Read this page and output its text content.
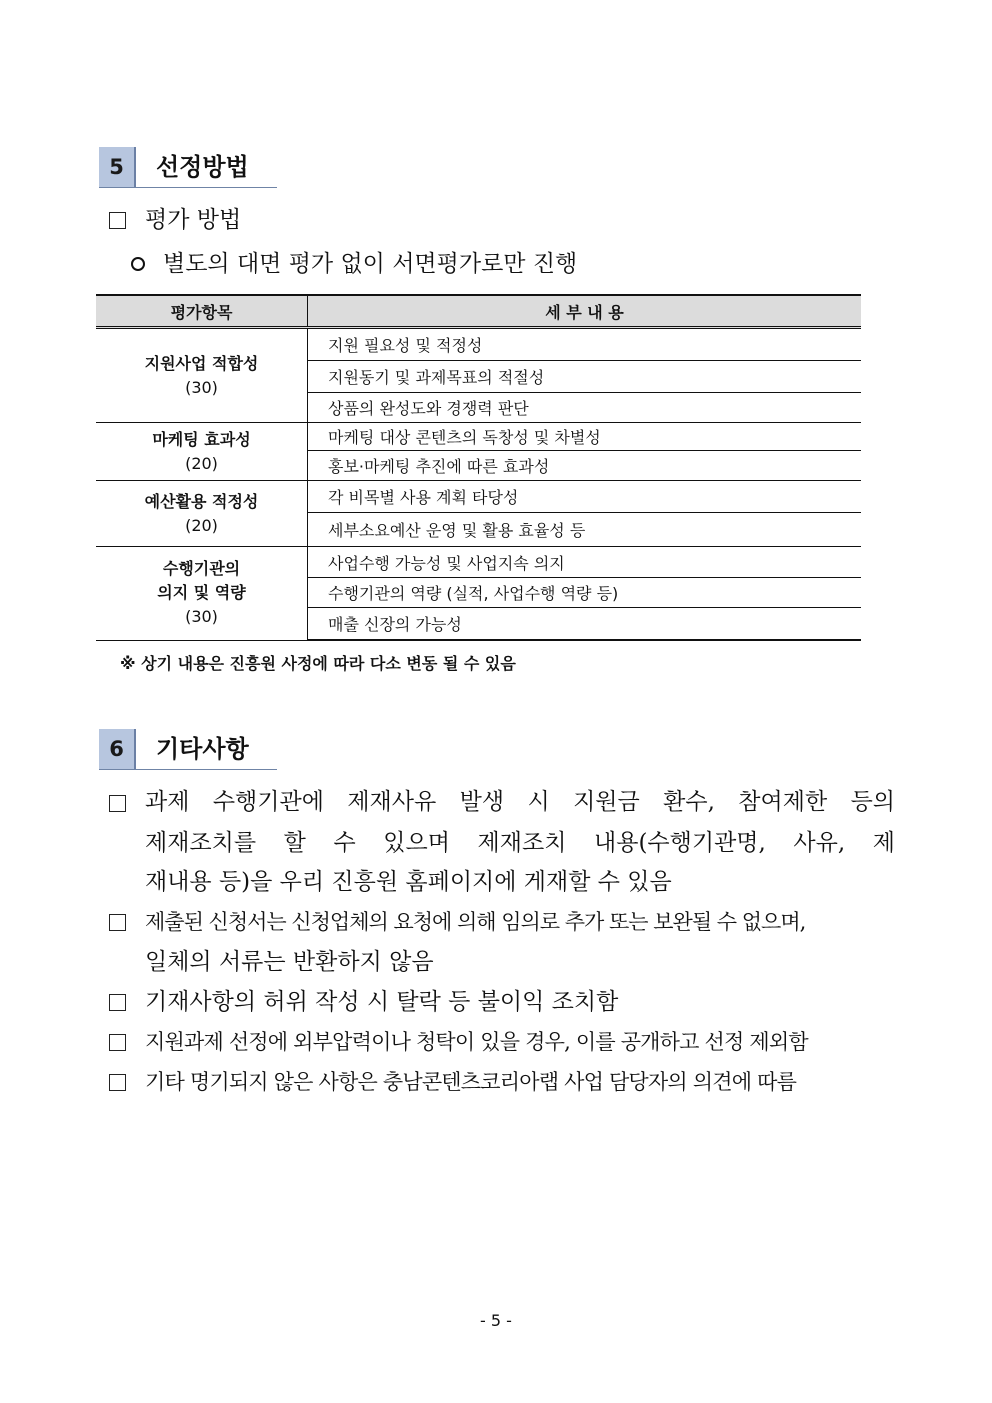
5	선정방법
평가 방법
별도의 대면 평가 없이 서면평가로만 진행
평가항목	세 부 내 용

지원사업 적합성
(30)	지원 필요성 및 적정성
	지원동기 및 과제목표의 적절성
	상품의 완성도와 경쟁력 판단

마케팅 효과성
(20)	마케팅 대상 콘텐츠의 독창성 및 차별성
	홍보·마케팅 추진에 따른 효과성

예산활용 적정성
(20)	각 비목별 사용 계획 타당성
	세부소요예산 운영 및 활용 효율성 등

수행기관의
의지 및 역량
(30)	사업수행 가능성 및 사업지속 의지
	수행기관의 역량 (실적, 사업수행 역량 등)
	매출 신장의 가능성
※ 상기 내용은 진흥원 사정에 따라 다소 변동 될 수 있음
6	기타사항
과제 수행기관에 제재사유 발생 시 지원금 환수, 참여제한 등의
제재조치를 할 수 있으며 제재조치 내용(수행기관명, 사유, 제
재내용 등)을 우리 진흥원 홈페이지에 게재할 수 있음
제출된 신청서는 신청업체의 요청에 의해 임의로 추가 또는 보완될 수 없으며,
일체의 서류는 반환하지 않음
기재사항의 허위 작성 시 탈락 등 불이익 조치함
지원과제 선정에 외부압력이나 청탁이 있을 경우, 이를 공개하고 선정 제외함
기타 명기되지 않은 사항은 충남콘텐츠코리아랩 사업 담당자의 의견에 따름
- 5 -
